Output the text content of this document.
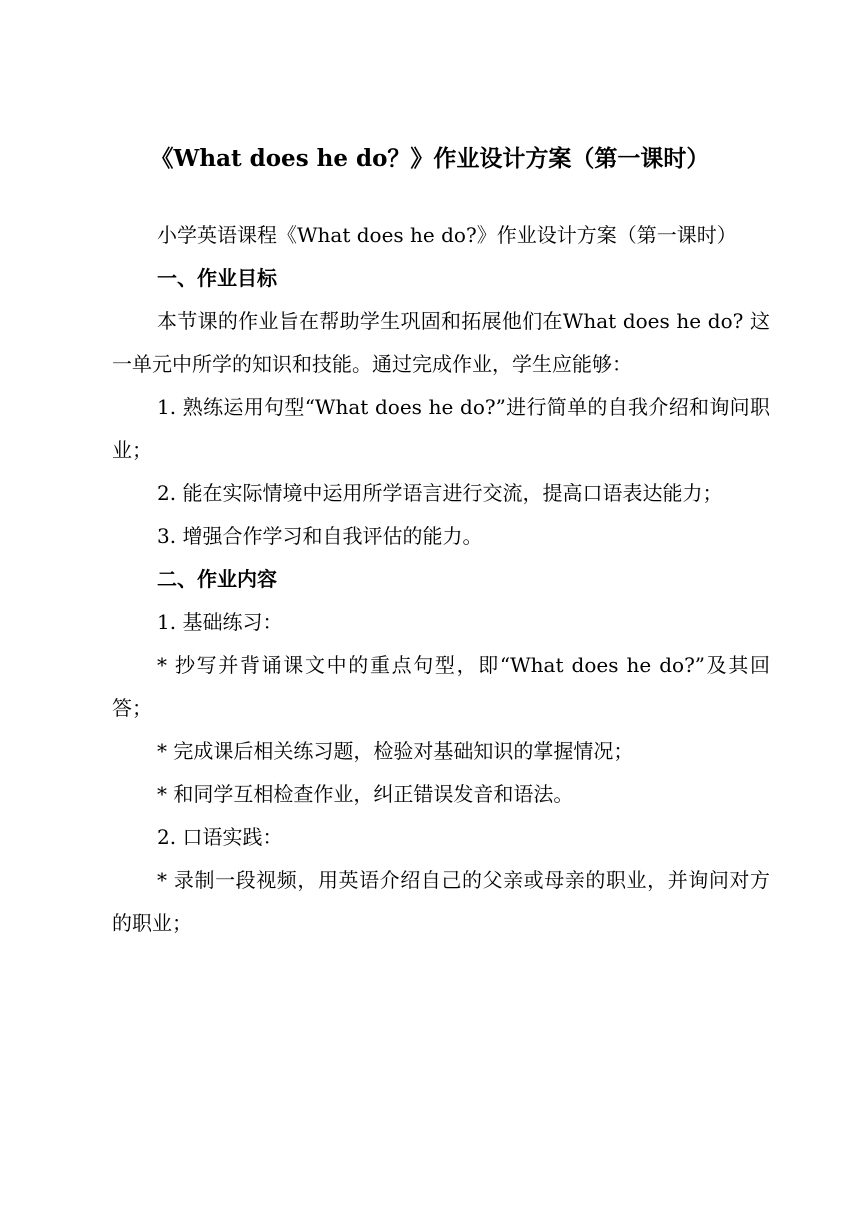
《What does he do？》作业设计方案（第一课时）

小学英语课程《What does he do?》作业设计方案（第一课时）

一、作业目标

本节课的作业旨在帮助学生巩固和拓展他们在What does he do? 这一单元中所学的知识和技能。通过完成作业，学生应能够：

1. 熟练运用句型“What does he do?”进行简单的自我介绍和询问职业；

2. 能在实际情境中运用所学语言进行交流，提高口语表达能力；

3. 增强合作学习和自我评估的能力。

二、作业内容

1. 基础练习：

* 抄写并背诵课文中的重点句型，即“What does he do?”及其回答；

* 完成课后相关练习题，检验对基础知识的掌握情况；

* 和同学互相检查作业，纠正错误发音和语法。

2. 口语实践：

* 录制一段视频，用英语介绍自己的父亲或母亲的职业，并询问对方的职业；
